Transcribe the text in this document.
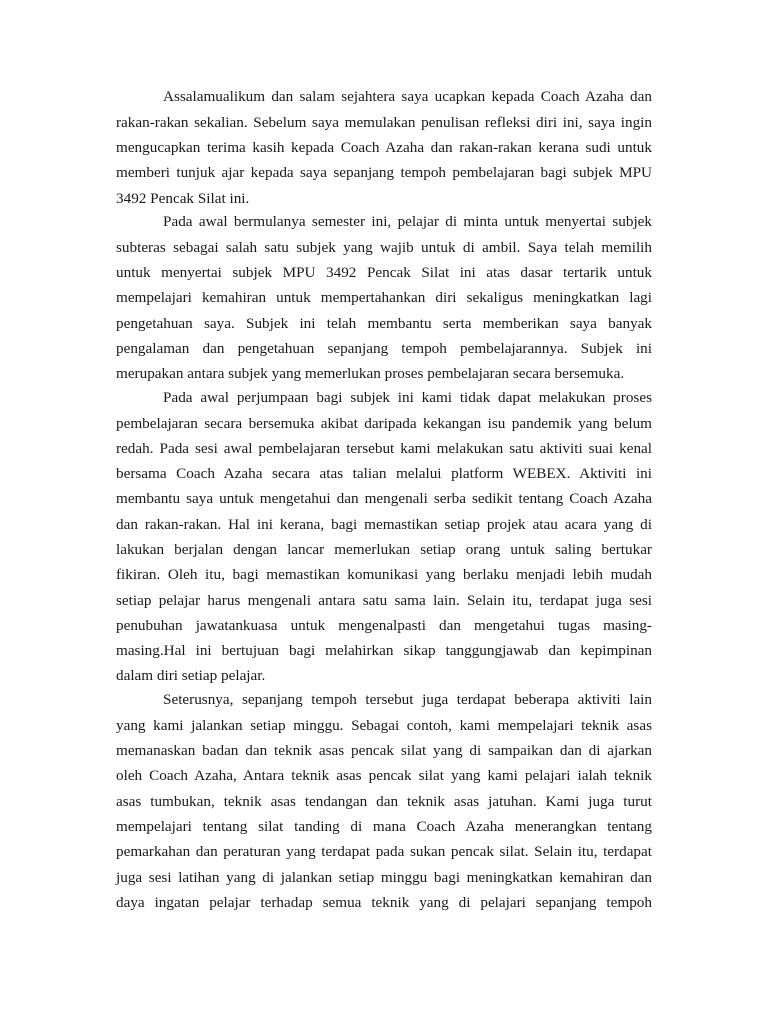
Assalamualikum dan salam sejahtera saya ucapkan kepada Coach Azaha dan
rakan-rakan sekalian. Sebelum saya memulakan penulisan refleksi diri ini, saya ingin
mengucapkan terima kasih kepada Coach Azaha dan rakan-rakan kerana sudi untuk
memberi tunjuk ajar kepada saya sepanjang tempoh pembelajaran bagi subjek MPU
3492 Pencak Silat ini.
Pada awal bermulanya semester ini, pelajar di minta untuk menyertai subjek
subteras sebagai salah satu subjek yang wajib untuk di ambil. Saya telah memilih
untuk menyertai subjek MPU 3492 Pencak Silat ini atas dasar tertarik untuk
mempelajari kemahiran untuk mempertahankan diri sekaligus meningkatkan lagi
pengetahuan saya. Subjek ini telah membantu serta memberikan saya banyak
pengalaman dan pengetahuan sepanjang tempoh pembelajarannya. Subjek ini
merupakan antara subjek yang memerlukan proses pembelajaran secara bersemuka.
Pada awal perjumpaan bagi subjek ini kami tidak dapat melakukan proses
pembelajaran secara bersemuka akibat daripada kekangan isu pandemik yang belum
redah. Pada sesi awal pembelajaran tersebut kami melakukan satu aktiviti suai kenal
bersama Coach Azaha secara atas talian melalui platform WEBEX. Aktiviti ini
membantu saya untuk mengetahui dan mengenali serba sedikit tentang Coach Azaha
dan rakan-rakan. Hal ini kerana, bagi memastikan setiap projek atau acara yang di
lakukan berjalan dengan lancar memerlukan setiap orang untuk saling bertukar
fikiran. Oleh itu, bagi memastikan komunikasi yang berlaku menjadi lebih mudah
setiap pelajar harus mengenali antara satu sama lain. Selain itu, terdapat juga sesi
penubuhan jawatankuasa untuk mengenalpasti dan mengetahui tugas masing-
masing.Hal ini bertujuan bagi melahirkan sikap tanggungjawab dan kepimpinan
dalam diri setiap pelajar.
Seterusnya, sepanjang tempoh tersebut juga terdapat beberapa aktiviti lain
yang kami jalankan setiap minggu. Sebagai contoh, kami mempelajari teknik asas
memanaskan badan dan teknik asas pencak silat yang di sampaikan dan di ajarkan
oleh Coach Azaha, Antara teknik asas pencak silat yang kami pelajari ialah teknik
asas tumbukan, teknik asas tendangan dan teknik asas jatuhan. Kami juga turut
mempelajari tentang silat tanding di mana Coach Azaha menerangkan tentang
pemarkahan dan peraturan yang terdapat pada sukan pencak silat. Selain itu, terdapat
juga sesi latihan yang di jalankan setiap minggu bagi meningkatkan kemahiran dan
daya ingatan pelajar terhadap semua teknik yang di pelajari sepanjang tempoh
